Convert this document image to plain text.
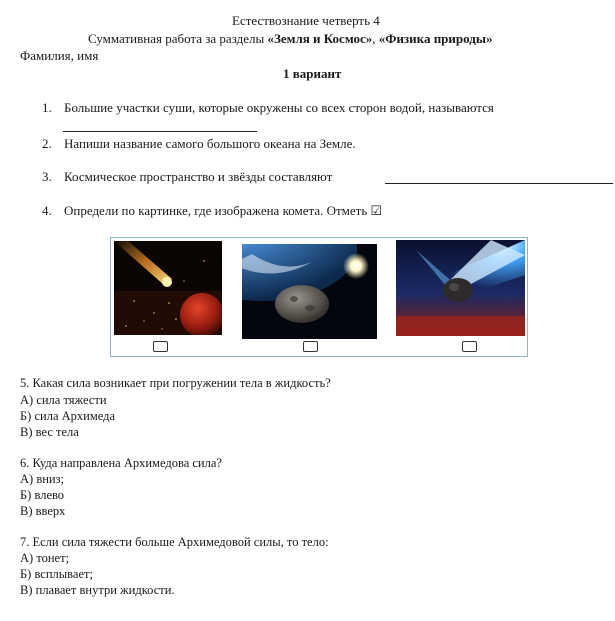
Естествознание четверть 4
Суммативная работа за разделы «Земля и Космос», «Физика природы»
Фамилия, имя
1 вариант
1. Большие участки суши, которые окружены со всех сторон водой, называются
2. Напиши название самого большого океана на Земле.
3. Космическое пространство и звёзды составляют
4. Определи по картинке, где изображена комета. Отметь ☑
5. Какая сила возникает при погружении тела в жидкость?
А) сила тяжести
Б) сила Архимеда
В) вес тела
6. Куда направлена Архимедова сила?
А) вниз;
Б) влево
В) вверх
7. Если сила тяжести больше Архимедовой силы, то тело:
А) тонет;
Б) всплывает;
В) плавает внутри жидкости.
